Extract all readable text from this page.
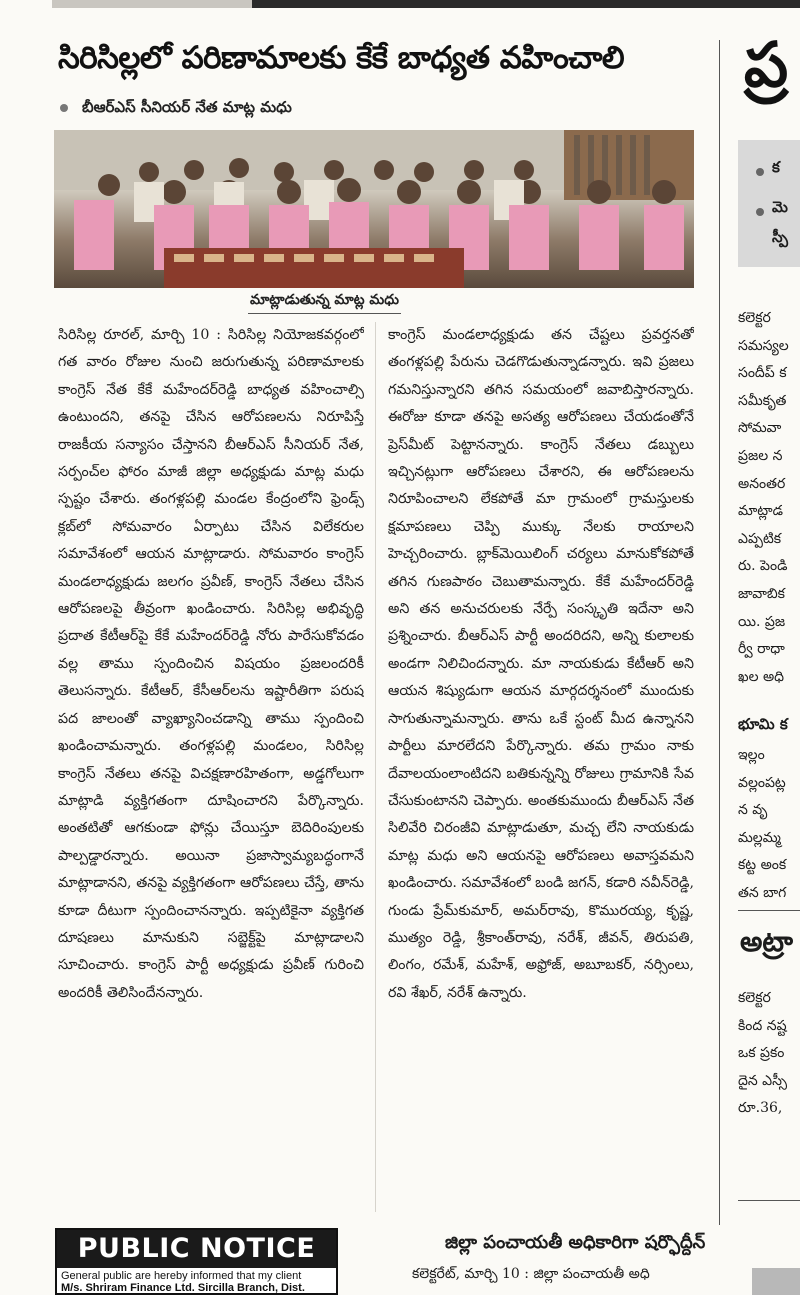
సిరిసిల్లలో పరిణామాలకు కేకే బాధ్యత వహించాలి
బీఆర్ఎస్ సీనియర్ నేత మాట్ల మధు
మాట్లాడుతున్న మాట్ల మధు
సిరిసిల్ల రూరల్, మార్చి 10 : సిరిసిల్ల నియోజకవర్గంలో గత వారం రోజుల నుంచి జరుగుతున్న పరిణామాలకు కాంగ్రెస్ నేత కేకే మహేందర్‌రెడ్డి బాధ్యత వహించాల్సి ఉంటుందని, తనపై చేసిన ఆరోపణలను నిరూపిస్తే రాజకీయ సన్యాసం చేస్తానని బీఆర్ఎస్ సీనియర్ నేత, సర్పంచ్‌ల ఫోరం మాజీ జిల్లా అధ్యక్షుడు మాట్ల మధు స్పష్టం చేశారు. తంగళ్లపల్లి మండల కేంద్రంలోని ఫ్రెండ్స్ క్లబ్‌లో సోమవారం ఏర్పాటు చేసిన విలేకరుల సమావేశంలో ఆయన మాట్లాడారు. సోమవారం కాంగ్రెస్ మండలాధ్యక్షుడు జలగం ప్రవీణ్, కాంగ్రెస్ నేతలు చేసిన ఆరోపణలపై తీవ్రంగా ఖండించారు. సిరిసిల్ల అభివృద్ధి ప్రదాత కేటీఆర్‌పై కేకే మహేందర్‌రెడ్డి నోరు పారేసుకోవడం వల్ల తాము స్పందించిన విషయం ప్రజలందరికీ తెలుసన్నారు. కేటీఆర్, కేసీఆర్‌లను ఇష్టారీతిగా పరుష పద జాలంతో వ్యాఖ్యానించడాన్ని తాము స్పందించి ఖండించామన్నారు. తంగళ్లపల్లి మండలం, సిరిసిల్ల కాంగ్రెస్ నేతలు తనపై విచక్షణారహితంగా, అడ్డగోలుగా మాట్లాడి వ్యక్తిగతంగా దూషించారని పేర్కొన్నారు. అంతటితో ఆగకుండా ఫోన్లు చేయిస్తూ బెదిరింపులకు పాల్పడ్డారన్నారు. అయినా ప్రజాస్వామ్యబద్ధంగానే మాట్లాడానని, తనపై వ్యక్తిగతంగా ఆరోపణలు చేస్తే, తాను కూడా దీటుగా స్పందించానన్నారు. ఇప్పటికైనా వ్యక్తిగత దూషణలు మానుకుని సబ్జెక్ట్‌పై మాట్లాడాలని సూచించారు. కాంగ్రెస్ పార్టీ అధ్యక్షుడు ప్రవీణ్ గురించి అందరికీ తెలిసిందేనన్నారు.
కాంగ్రెస్ మండలాధ్యక్షుడు తన చేష్టలు ప్రవర్తనతో తంగళ్లపల్లి పేరును చెడగొడుతున్నాడన్నారు. ఇవి ప్రజలు గమనిస్తున్నారని తగిన సమయంలో జవాబిస్తారన్నారు. ఈరోజు కూడా తనపై అసత్య ఆరోపణలు చేయడంతోనే ప్రెస్‌మీట్ పెట్టానన్నారు. కాంగ్రెస్ నేతలు డబ్బులు ఇచ్చినట్లుగా ఆరోపణలు చేశారని, ఈ ఆరోపణలను నిరూపించాలని లేకపోతే మా గ్రామంలో గ్రామస్తులకు క్షమాపణలు చెప్పి ముక్కు నేలకు రాయాలని హెచ్చరించారు. బ్లాక్‌మెయిలింగ్ చర్యలు మానుకోకపోతే తగిన గుణపాఠం చెబుతామన్నారు. కేకే మహేందర్‌రెడ్డి అని తన అనుచరులకు నేర్పే సంస్కృతి ఇదేనా అని ప్రశ్నించారు. బీఆర్ఎస్ పార్టీ అందరిదని, అన్ని కులాలకు అండగా నిలిచిందన్నారు. మా నాయకుడు కేటీఆర్ అని ఆయన శిష్యుడుగా ఆయన మార్గదర్శనంలో ముందుకు సాగుతున్నామన్నారు. తాను ఒకే స్టంట్ మీద ఉన్నానని పార్టీలు మారలేదని పేర్కొన్నారు. తమ గ్రామం నాకు దేవాలయంలాంటిదని బతికున్నన్ని రోజులు గ్రామానికి సేవ చేసుకుంటానని చెప్పారు. అంతకుముందు బీఆర్ఎస్ నేత సిలివేరి చిరంజీవి మాట్లాడుతూ, మచ్చ లేని నాయకుడు మాట్ల మధు అని ఆయనపై ఆరోపణలు అవాస్తవమని ఖండించారు. సమావేశంలో బండి జగన్, కడారి నవీన్‌రెడ్డి, గుండు ప్రేమ్‌కుమార్, అమర్‌రావు, కొమురయ్య, కృష్ణ, ముత్యం రెడ్డి, శ్రీకాంత్‌రావు, నరేశ్, జీవన్, తిరుపతి, లింగం, రమేశ్, మహేశ్, అఫ్రోజ్, అబూబకర్, నర్సింలు, రవి శేఖర్, నరేశ్ ఉన్నారు.
ప్ర
క
మె
స్పీ
కలెక్టర
సమస్యల
సందీప్ క
సమీకృత
సోమవా
ప్రజల న
అనంతర
మాట్లాడ
ఎప్పటిక
రు. పెండి
జావాబిక
యి. ప్రజ
ర్వీ రాధా
ఖల అధి
భూమి క
ఇల్లం
వల్లంపట్ల
న వృ
మల్లమ్మ
కట్ట అంక
తన బాగ
అట్రా
కలెక్టర
కింద నష్ట
ఒక ప్రకం
దైన ఎస్సీ
రూ.36,
PUBLIC NOTICE
General public are hereby informed that my client
M/s. Shriram Finance Ltd. Sircilla Branch, Dist.
జిల్లా పంచాయతీ అధికారిగా షర్ఫొద్దీన్
కలెక్టరేట్, మార్చి 10 : జిల్లా పంచాయతీ అధి
